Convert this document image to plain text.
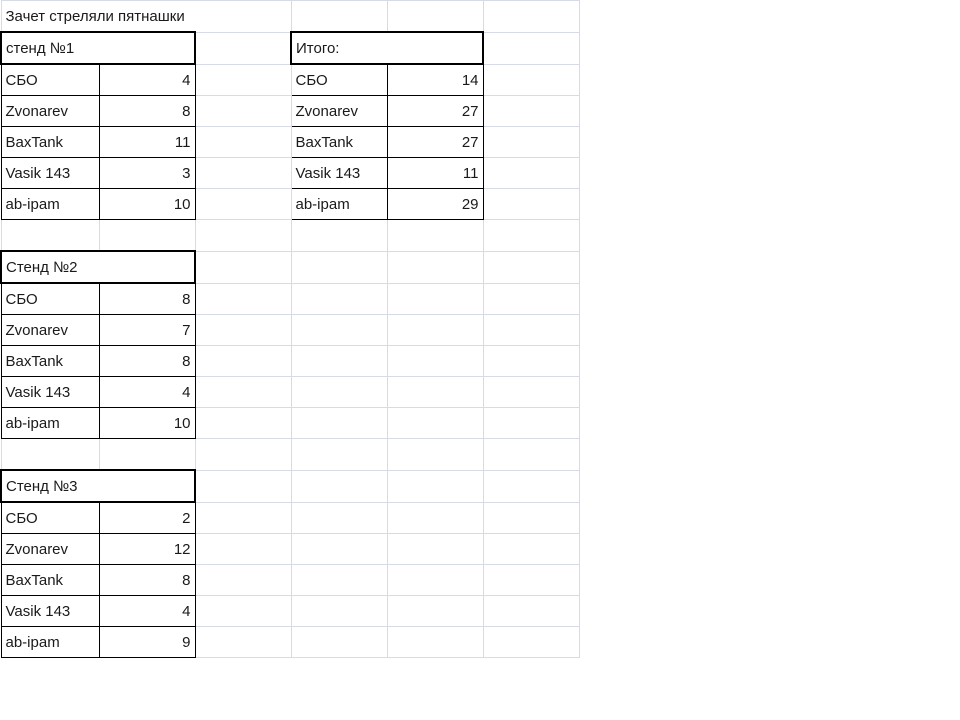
Зачет стреляли пятнашки					
стенд №1			Итого:		
СБО	4		СБО	14	
Zvonarev	8		Zvonarev	27	
BaxTank	11		BaxTank	27	
Vasik 143	3		Vasik 143	11	
ab-ipam	10		ab-ipam	29	

Стенд №2					
СБО	8				
Zvonarev	7				
BaxTank	8				
Vasik 143	4				
ab-ipam	10				

Стенд №3					
СБО	2				
Zvonarev	12				
BaxTank	8				
Vasik 143	4				
ab-ipam	9				
